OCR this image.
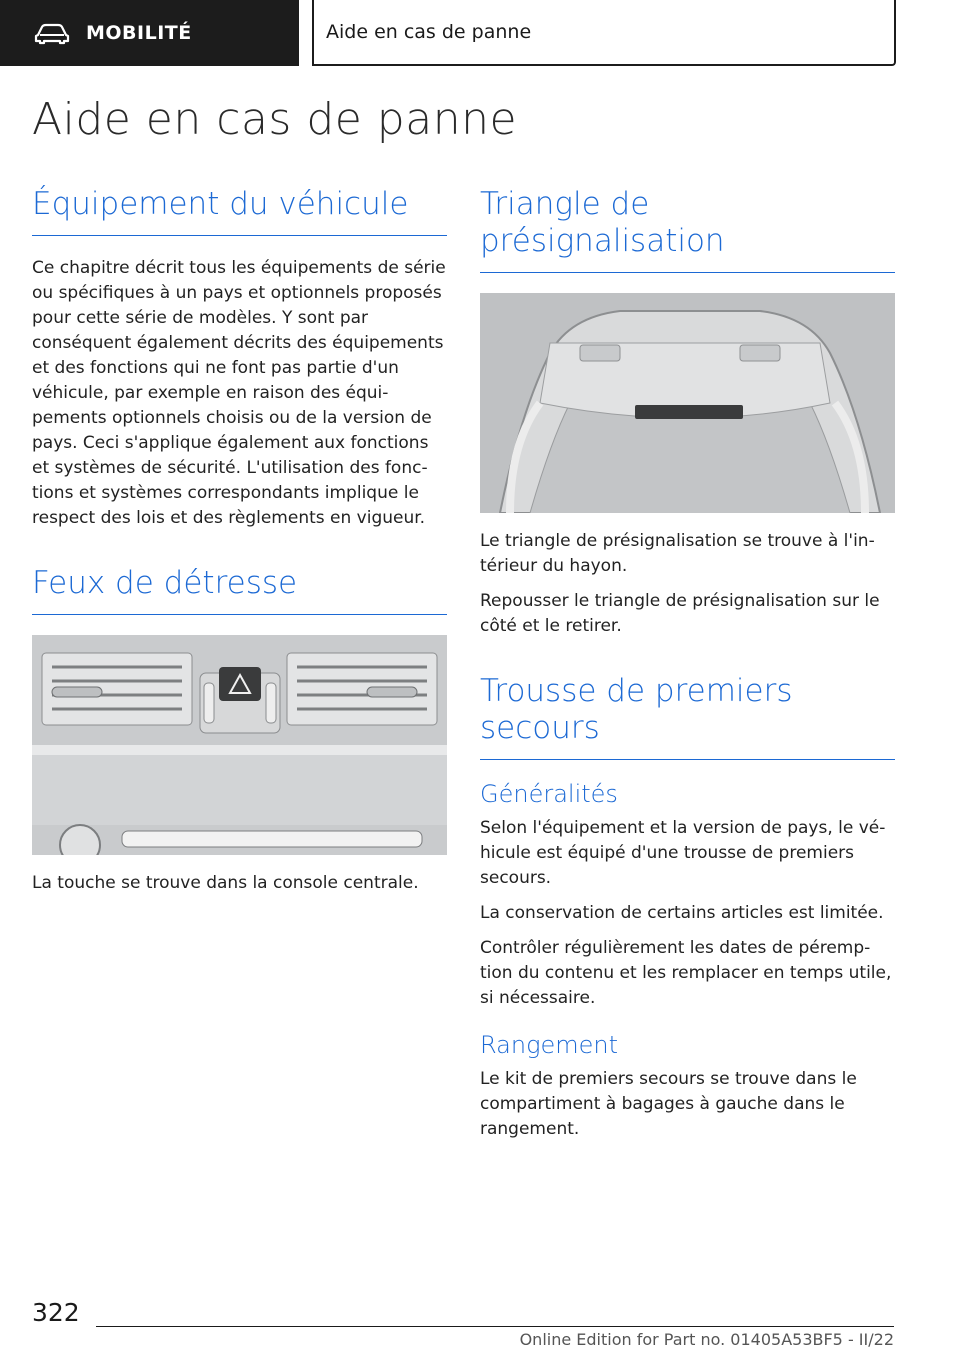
MOBILITÉ	Aide en cas de panne
Aide en cas de panne
Équipement du véhicule
Ce chapitre décrit tous les équipements de série ou spécifiques à un pays et optionnels proposés pour cette série de modèles. Y sont par conséquent également décrits des équipements et des fonctions qui ne font pas partie d'un véhicule, par exemple en raison des équipements optionnels choisis ou de la version de pays. Ceci s'applique également aux fonctions et systèmes de sécurité. L'utilisation des fonctions et systèmes correspondants implique le respect des lois et des règlements en vigueur.
Feux de détresse
La touche se trouve dans la console centrale.
Triangle de présignalisation
Le triangle de présignalisation se trouve à l'intérieur du hayon.
Repousser le triangle de présignalisation sur le côté et le retirer.
Trousse de premiers secours
Généralités
Selon l'équipement et la version de pays, le véhicule est équipé d'une trousse de premiers secours.
La conservation de certains articles est limitée.
Contrôler régulièrement les dates de péremption du contenu et les remplacer en temps utile, si nécessaire.
Rangement
Le kit de premiers secours se trouve dans le compartiment à bagages à gauche dans le rangement.
322
Online Edition for Part no. 01405A53BF5 - II/22
